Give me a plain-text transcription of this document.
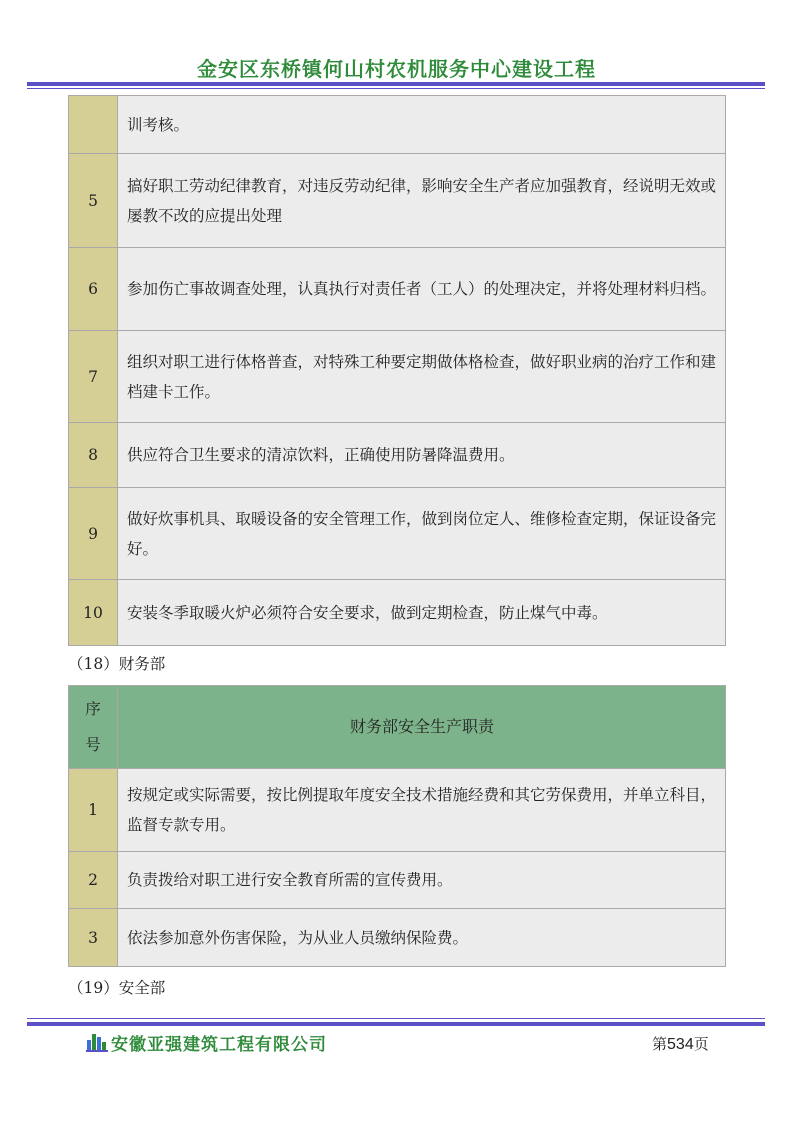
金安区东桥镇何山村农机服务中心建设工程
	训考核。
5	搞好职工劳动纪律教育，对违反劳动纪律，影响安全生产者应加强教育，经说明无效或屡教不改的应提出处理
6	参加伤亡事故调查处理，认真执行对责任者（工人）的处理决定，并将处理材料归档。
7	组织对职工进行体格普查，对特殊工种要定期做体格检查，做好职业病的治疗工作和建档建卡工作。
8	供应符合卫生要求的清凉饮料，正确使用防暑降温费用。
9	做好炊事机具、取暖设备的安全管理工作，做到岗位定人、维修检查定期，保证设备完好。
10	安装冬季取暖火炉必须符合安全要求，做到定期检查，防止煤气中毒。
（18）财务部
序
号	财务部安全生产职责
1	按规定或实际需要，按比例提取年度安全技术措施经费和其它劳保费用，并单立科目，监督专款专用。
2	负责拨给对职工进行安全教育所需的宣传费用。
3	依法参加意外伤害保险，为从业人员缴纳保险费。
（19）安全部
安徽亚强建筑工程有限公司	第534页
